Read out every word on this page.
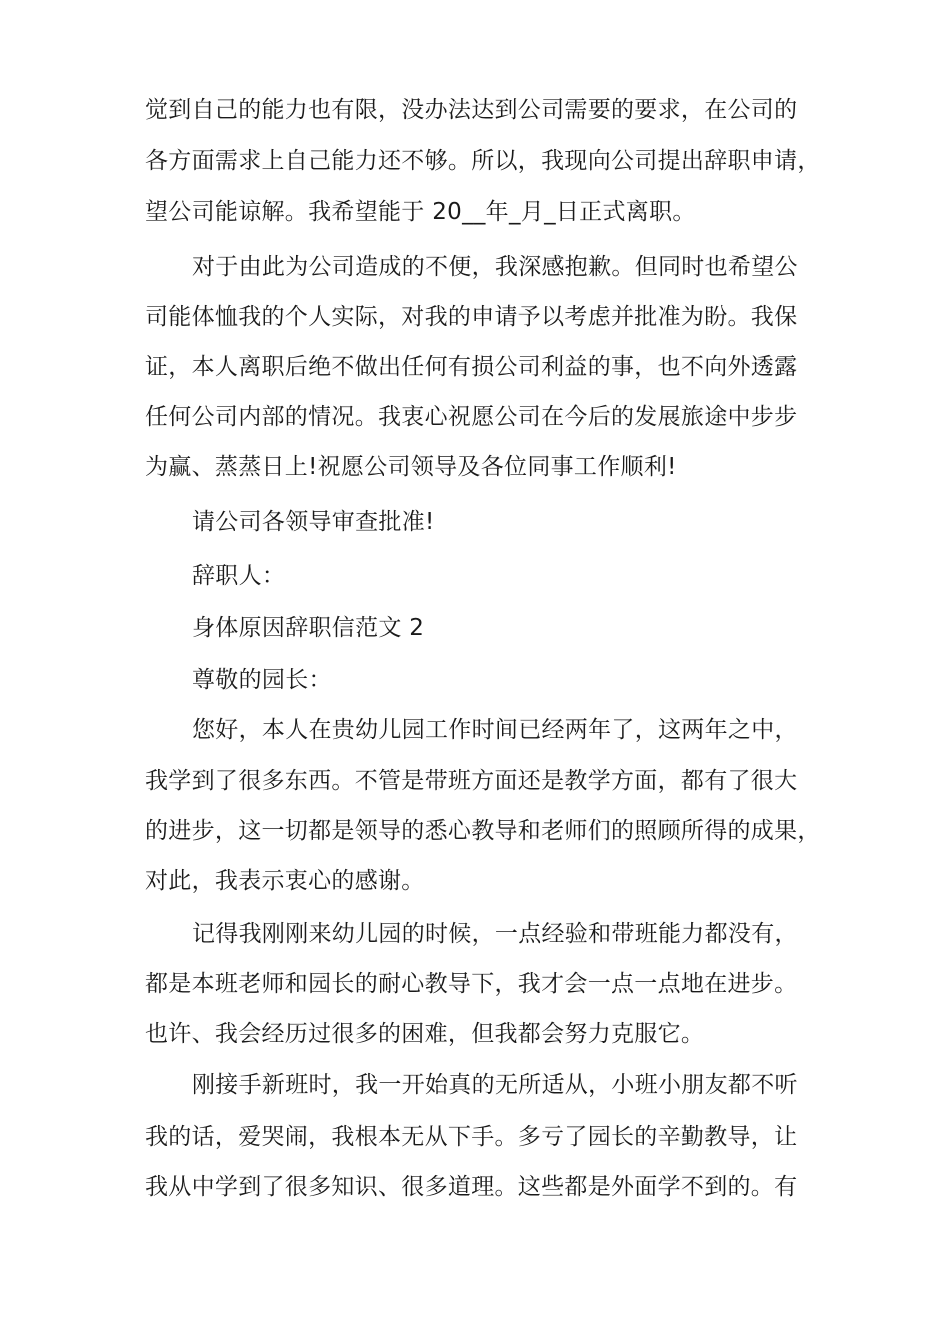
觉到自己的能力也有限，没办法达到公司需要的要求，在公司的
各方面需求上自己能力还不够。所以，我现向公司提出辞职申请，
望公司能谅解。我希望能于 20__年_月_日正式离职。
对于由此为公司造成的不便，我深感抱歉。但同时也希望公
司能体恤我的个人实际，对我的申请予以考虑并批准为盼。我保
证，本人离职后绝不做出任何有损公司利益的事，也不向外透露
任何公司内部的情况。我衷心祝愿公司在今后的发展旅途中步步
为赢、蒸蒸日上!祝愿公司领导及各位同事工作顺利!
请公司各领导审查批准!
辞职人：
身体原因辞职信范文 2
尊敬的园长：
您好，本人在贵幼儿园工作时间已经两年了，这两年之中，
我学到了很多东西。不管是带班方面还是教学方面，都有了很大
的进步，这一切都是领导的悉心教导和老师们的照顾所得的成果，
对此，我表示衷心的感谢。
记得我刚刚来幼儿园的时候，一点经验和带班能力都没有，
都是本班老师和园长的耐心教导下，我才会一点一点地在进步。
也许、我会经历过很多的困难，但我都会努力克服它。
刚接手新班时，我一开始真的无所适从，小班小朋友都不听
我的话，爱哭闹，我根本无从下手。多亏了园长的辛勤教导，让
我从中学到了很多知识、很多道理。这些都是外面学不到的。有
